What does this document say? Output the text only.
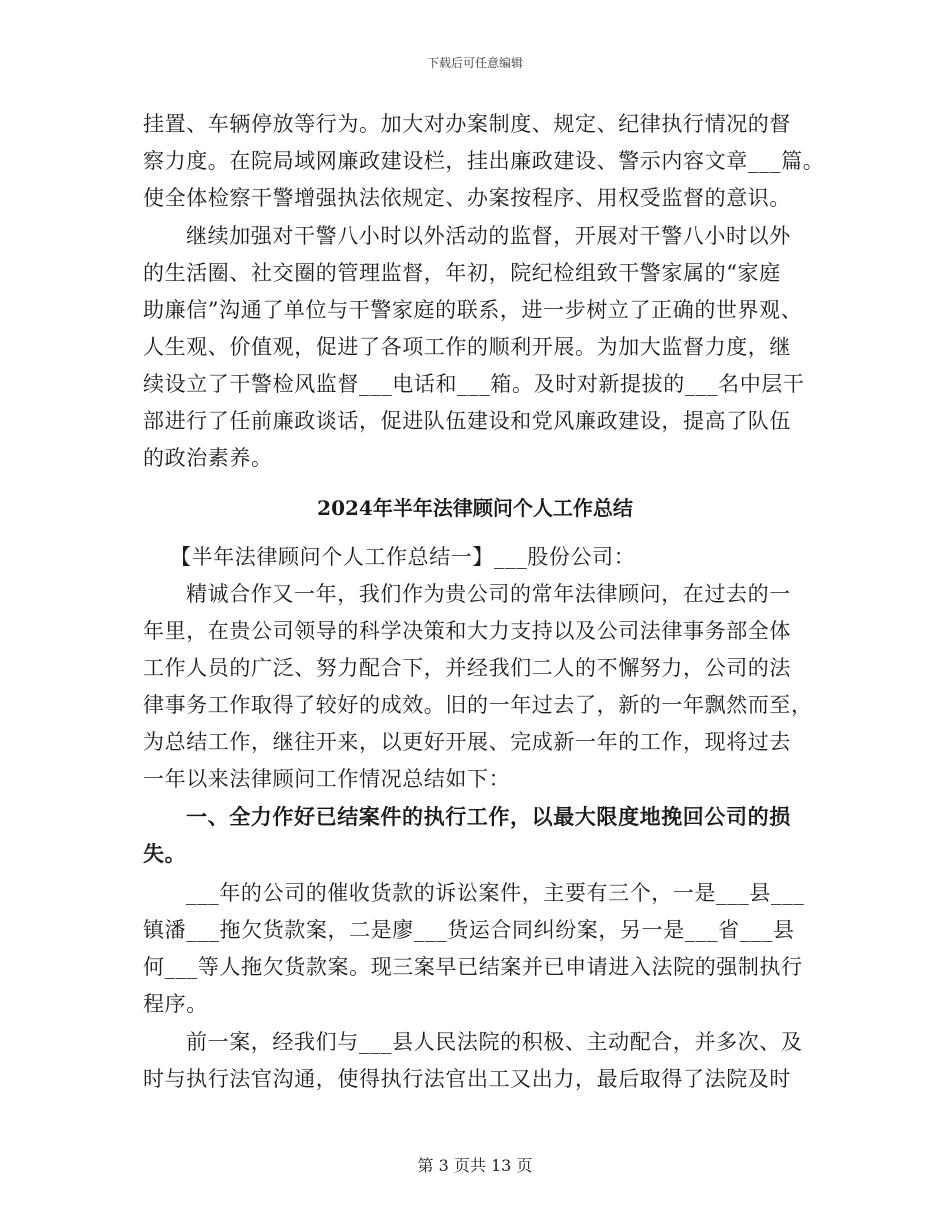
下载后可任意编辑
挂置、车辆停放等行为。加大对办案制度、规定、纪律执行情况的督
察力度。在院局域网廉政建设栏，挂出廉政建设、警示内容文章___篇。
使全体检察干警增强执法依规定、办案按程序、用权受监督的意识。
继续加强对干警八小时以外活动的监督，开展对干警八小时以外
的生活圈、社交圈的管理监督，年初，院纪检组致干警家属的“家庭
助廉信”沟通了单位与干警家庭的联系，进一步树立了正确的世界观、
人生观、价值观，促进了各项工作的顺利开展。为加大监督力度，继
续设立了干警检风监督___电话和___箱。及时对新提拔的___名中层干
部进行了任前廉政谈话，促进队伍建设和党风廉政建设，提高了队伍
的政治素养。
2024年半年法律顾问个人工作总结
【半年法律顾问个人工作总结一】___股份公司：
精诚合作又一年，我们作为贵公司的常年法律顾问，在过去的一
年里，在贵公司领导的科学决策和大力支持以及公司法律事务部全体
工作人员的广泛、努力配合下，并经我们二人的不懈努力，公司的法
律事务工作取得了较好的成效。旧的一年过去了，新的一年飘然而至，
为总结工作，继往开来，以更好开展、完成新一年的工作，现将过去
一年以来法律顾问工作情况总结如下：
一、全力作好已结案件的执行工作，以最大限度地挽回公司的损
失。
___年的公司的催收货款的诉讼案件，主要有三个，一是___县___
镇潘___拖欠货款案，二是廖___货运合同纠纷案，另一是___省___县
何___等人拖欠货款案。现三案早已结案并已申请进入法院的强制执行
程序。
前一案，经我们与___县人民法院的积极、主动配合，并多次、及
时与执行法官沟通，使得执行法官出工又出力，最后取得了法院及时
第 3 页共 13 页
